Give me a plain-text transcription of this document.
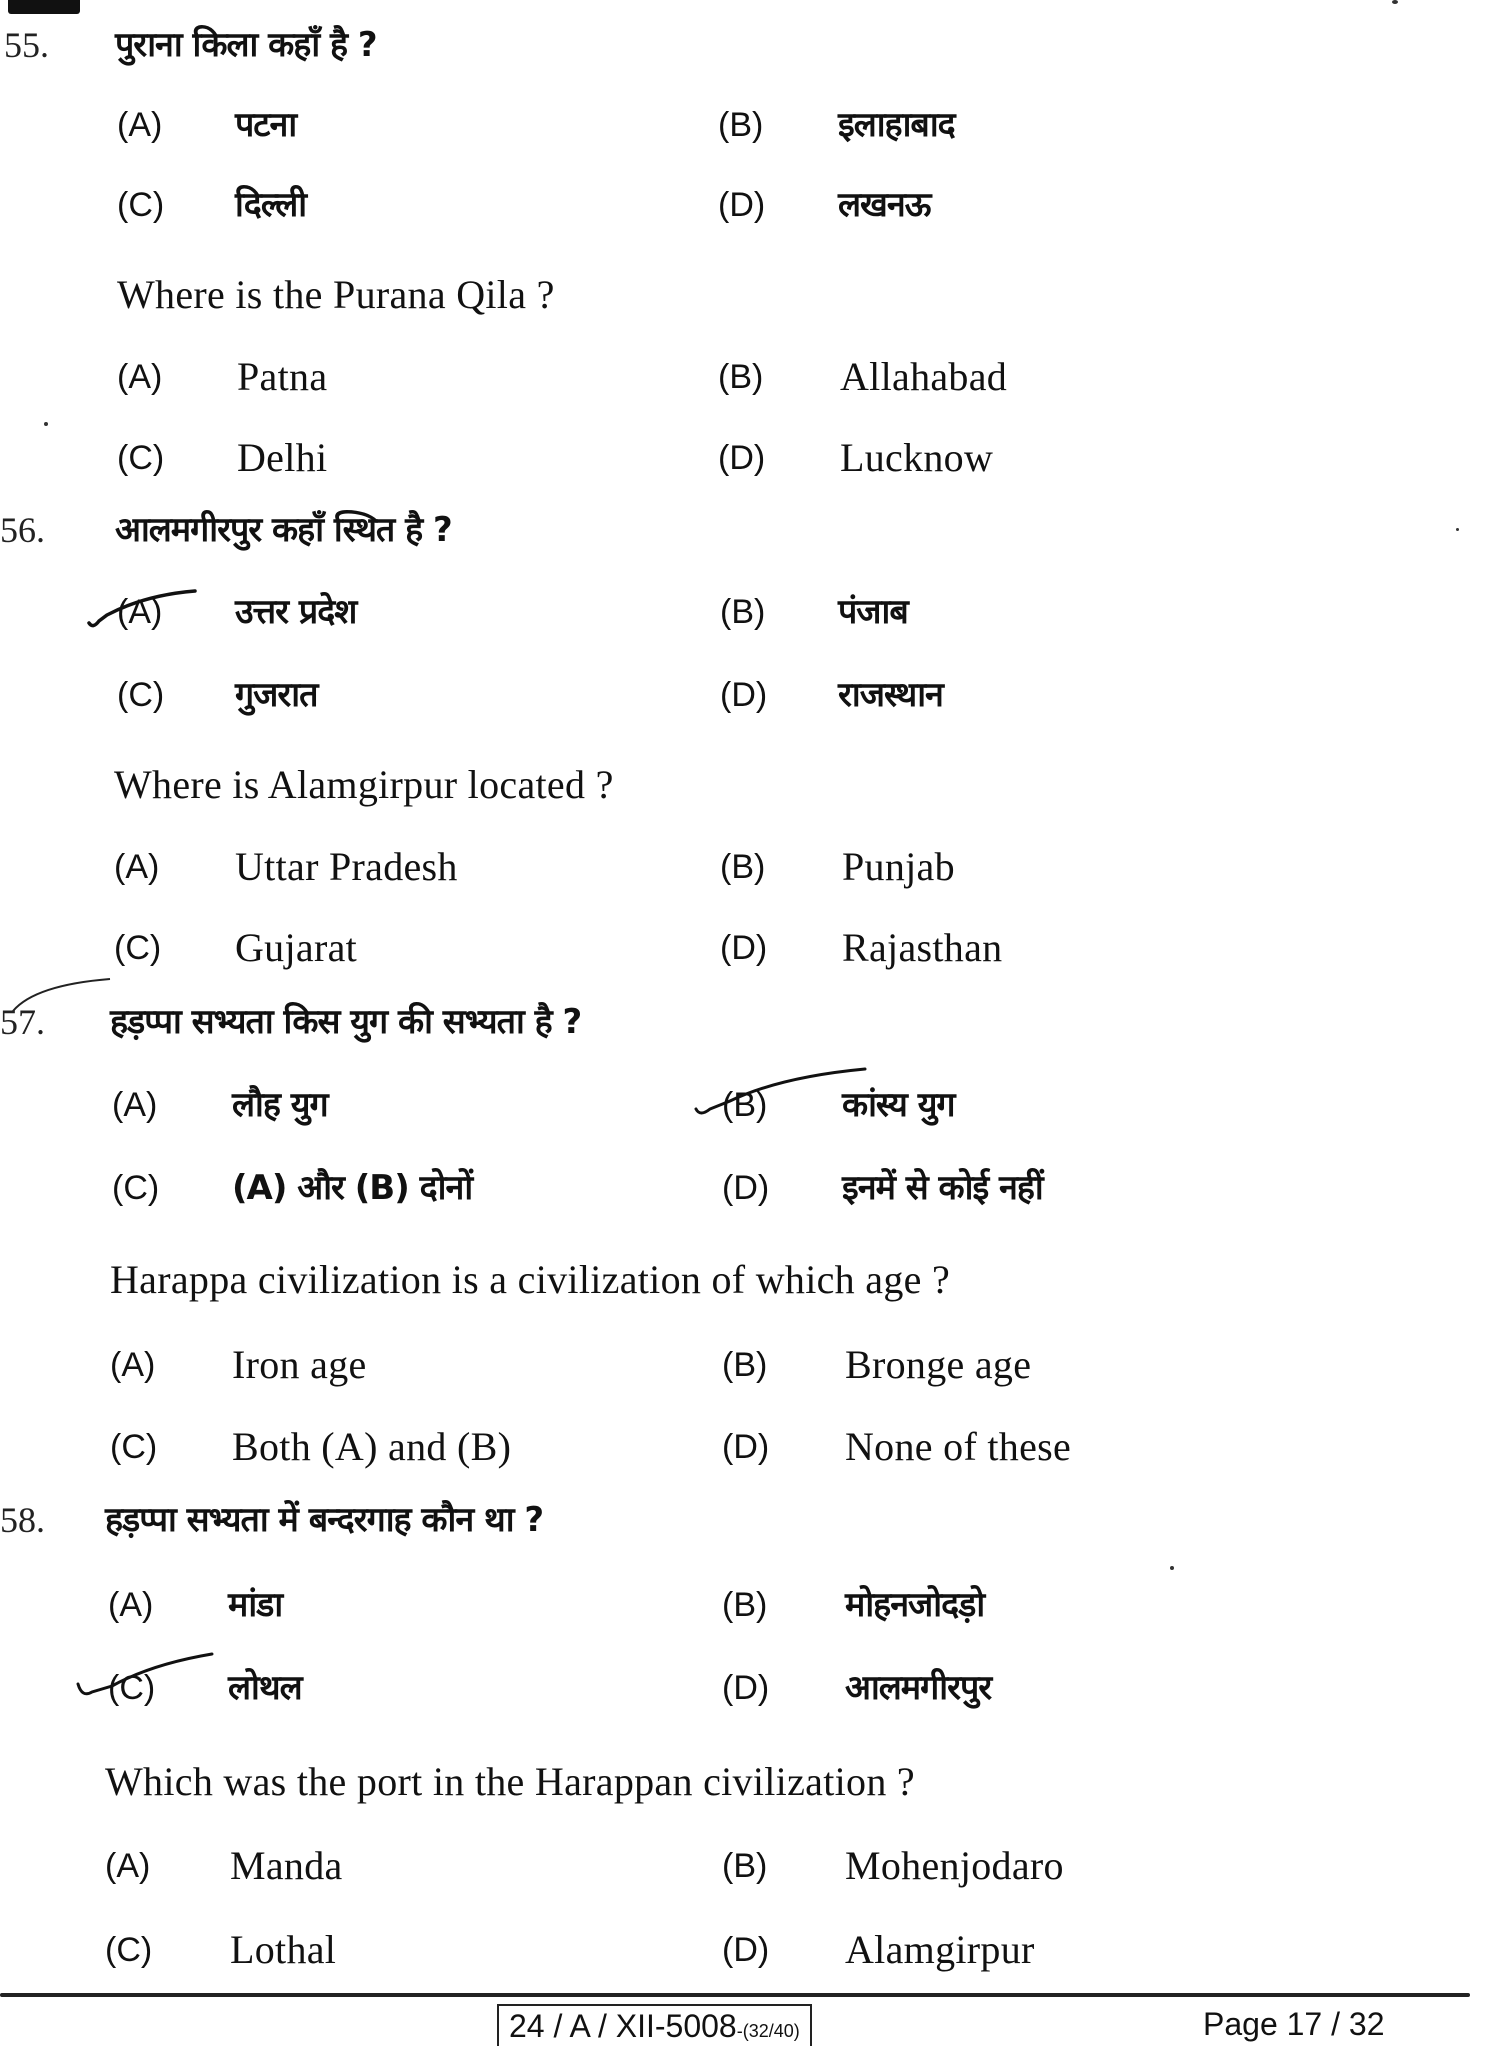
55. पुराना किला कहाँ है ?
(A) पटना	(B) इलाहाबाद
(C) दिल्ली	(D) लखनऊ
Where is the Purana Qila ?
(A) Patna	(B) Allahabad
(C) Delhi	(D) Lucknow
56. आलमगीरपुर कहाँ स्थित है ?
(A) उत्तर प्रदेश	(B) पंजाब
(C) गुजरात	(D) राजस्थान
Where is Alamgirpur located ?
(A) Uttar Pradesh	(B) Punjab
(C) Gujarat	(D) Rajasthan
57. हड़प्पा सभ्यता किस युग की सभ्यता है ?
(A) लौह युग	(B) कांस्य युग
(C) (A) और (B) दोनों	(D) इनमें से कोई नहीं
Harappa civilization is a civilization of which age ?
(A) Iron age	(B) Bronge age
(C) Both (A) and (B)	(D) None of these
58. हड़प्पा सभ्यता में बन्दरगाह कौन था ?
(A) मांडा	(B) मोहनजोदड़ो
(C) लोथल	(D) आलमगीरपुर
Which was the port in the Harappan civilization ?
(A) Manda	(B) Mohenjodaro
(C) Lothal	(D) Alamgirpur
24 / A / XII-5008-(32/40)	Page 17 / 32
